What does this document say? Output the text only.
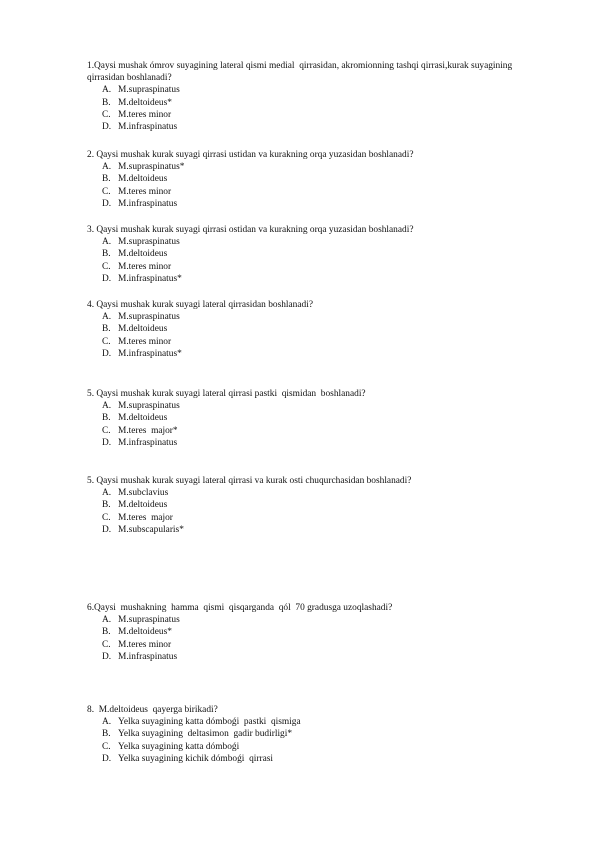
1.Qaysi mushak ómrov suyagining lateral qismi medial  qirrasidan, akromionning tashqi qirrasi,kurak suyagining qirrasidan boshlanadi?

A. M.supraspinatus
B. M.deltoideus*
C. M.teres minor
D. M.infraspinatus

2. Qaysi mushak kurak suyagi qirrasi ustidan va kurakning orqa yuzasidan boshlanadi?

A. M.supraspinatus*
B. M.deltoideus
C. M.teres minor
D. M.infraspinatus

3. Qaysi mushak kurak suyagi qirrasi ostidan va kurakning orqa yuzasidan boshlanadi?

A. M.supraspinatus
B. M.deltoideus
C. M.teres minor
D. M.infraspinatus*

4. Qaysi mushak kurak suyagi lateral qirrasidan boshlanadi?

A. M.supraspinatus
B. M.deltoideus
C. M.teres minor
D. M.infraspinatus*

5. Qaysi mushak kurak suyagi lateral qirrasi pastki  qismidan  boshlanadi?

A. M.supraspinatus
B. M.deltoideus
C. M.teres  major*
D. M.infraspinatus

5. Qaysi mushak kurak suyagi lateral qirrasi va kurak osti chuqurchasidan boshlanadi?

A. M.subclavius
B. M.deltoideus
C. M.teres  major
D. M.subscapularis*

6.Qaysi  mushakning  hamma  qismi  qisqarganda  qól  70 gradusga uzoqlashadi?

A. M.supraspinatus
B. M.deltoideus*
C. M.teres minor
D. M.infraspinatus

8.  M.deltoideus  qayerga birikadi?

A. Yelka suyagining katta dómboǵi  pastki  qismiga
B. Yelka suyagining  deltasimon  gadir budirligi*
C. Yelka suyagining katta dómboǵi
D. Yelka suyagining kichik dómboǵi  qirrasi
